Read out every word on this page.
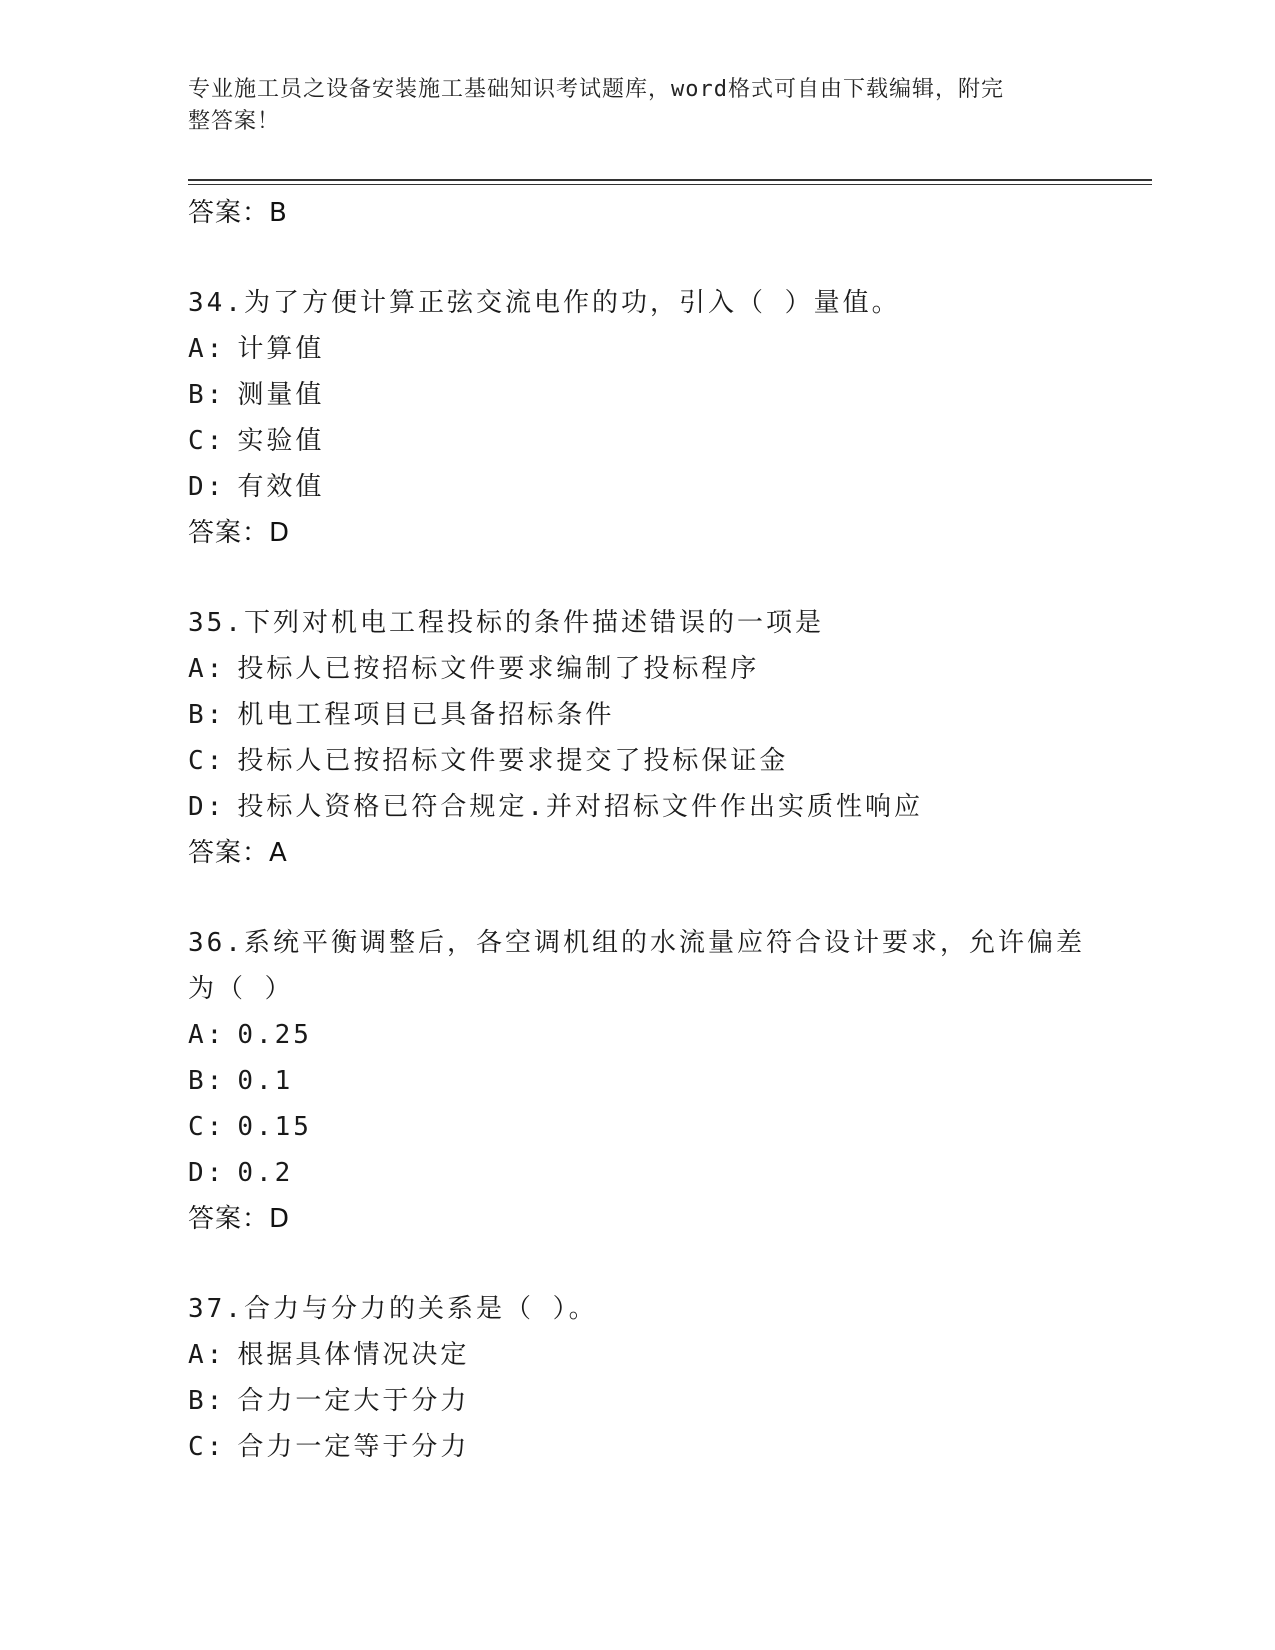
专业施工员之设备安装施工基础知识考试题库，word格式可自由下载编辑，附完
整答案！
答案：B
34.为了方便计算正弦交流电作的功，引入（ ）量值。
A: 计算值
B: 测量值
C: 实验值
D: 有效值
答案：D
35.下列对机电工程投标的条件描述错误的一项是
A: 投标人已按招标文件要求编制了投标程序
B: 机电工程项目已具备招标条件
C: 投标人已按招标文件要求提交了投标保证金
D: 投标人资格已符合规定.并对招标文件作出实质性响应
答案：A
36.系统平衡调整后，各空调机组的水流量应符合设计要求，允许偏差为（ ）
A: 0.25
B: 0.1
C: 0.15
D: 0.2
答案：D
37.合力与分力的关系是（ ）。
A: 根据具体情况决定
B: 合力一定大于分力
C: 合力一定等于分力
